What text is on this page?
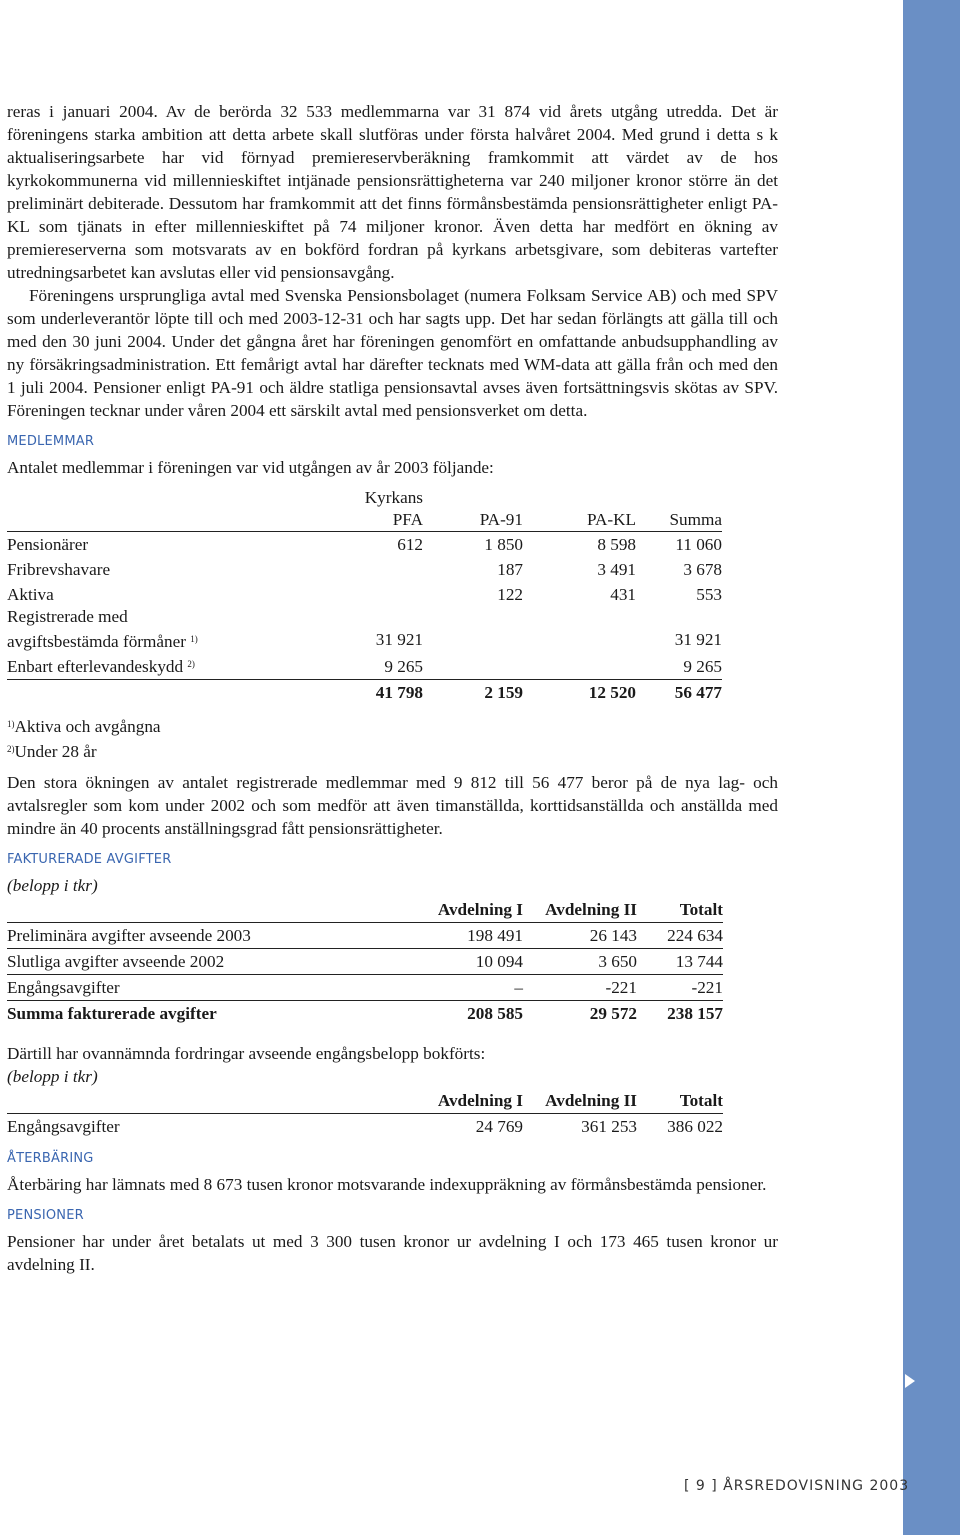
reras i januari 2004. Av de berörda 32 533 medlemmarna var 31 874 vid årets utgång utredda. Det är föreningens starka ambition att detta arbete skall slutföras under första halvåret 2004. Med grund i detta s k aktualiseringsarbete har vid förnyad premiereservberäkning framkommit att värdet av de hos kyrkokommunerna vid millennieskiftet intjänade pensionsrättigheterna var 240 miljoner kronor större än det preliminärt debiterade. Dessutom har framkommit att det finns förmånsbestämda pensionsrättigheter enligt PA-KL som tjänats in efter millennieskiftet på 74 miljoner kronor. Även detta har medfört en ökning av premiereserverna som motsvarats av en bokförd fordran på kyrkans arbetsgivare, som debiteras vartefter utredningsarbetet kan avslutas eller vid pensionsavgång.

Föreningens ursprungliga avtal med Svenska Pensionsbolaget (numera Folksam Service AB) och med SPV som underleverantör löpte till och med 2003-12-31 och har sagts upp. Det har sedan förlängts att gälla till och med den 30 juni 2004. Under det gångna året har föreningen genomfört en omfattande anbudsupphandling av ny försäkringsadministration. Ett femårigt avtal har därefter tecknats med WM-data att gälla från och med den 1 juli 2004. Pensioner enligt PA-91 och äldre statliga pensionsavtal avses även fortsättningsvis skötas av SPV. Föreningen tecknar under våren 2004 ett särskilt avtal med pensionsverket om detta.

MEDLEMMAR

Antalet medlemmar i föreningen var vid utgången av år 2003 följande:

	Kyrkans			
	PFA	PA-91	PA-KL	Summa
Pensionärer	612	1 850	8 598	11 060
Fribrevshavare		187	3 491	3 678
Aktiva		122	431	553
Registrerade med				
avgiftsbestämda förmåner $^{1)}$	31 921			31 921
Enbart efterlevandeskydd $^{2)}$	9 265			9 265
	41 798	2 159	12 520	56 477
$^{1)}$Aktiva och avgångna
$^{2)}$Under 28 år

Den stora ökningen av antalet registrerade medlemmar med 9 812 till 56 477 beror på de nya lag- och avtalsregler som kom under 2002 och som medför att även timanställda, korttidsanställda och anställda med mindre än 40 procents anställningsgrad fått pensionsrättigheter.

FAKTURERADE AVGIFTER
(belopp i tkr)
	Avdelning I	Avdelning II	Totalt
Preliminära avgifter avseende 2003	198 491	26 143	224 634
Slutliga avgifter avseende 2002	10 094	3 650	13 744
Engångsavgifter	–	-221	-221
Summa fakturerade avgifter	208 585	29 572	238 157

Därtill har ovannämnda fordringar avseende engångsbelopp bokförts:

(belopp i tkr)
	Avdelning I	Avdelning II	Totalt
Engångsavgifter	24 769	361 253	386 022
ÅTERBÄRING

Återbäring har lämnats med 8 673 tusen kronor motsvarande indexuppräkning av förmånsbestämda pensioner.

PENSIONER

Pensioner har under året betalats ut med 3 300 tusen kronor ur avdelning I och 173 465 tusen kronor ur avdelning II.

[ 9 ] ÅRSREDOVISNING 2003
